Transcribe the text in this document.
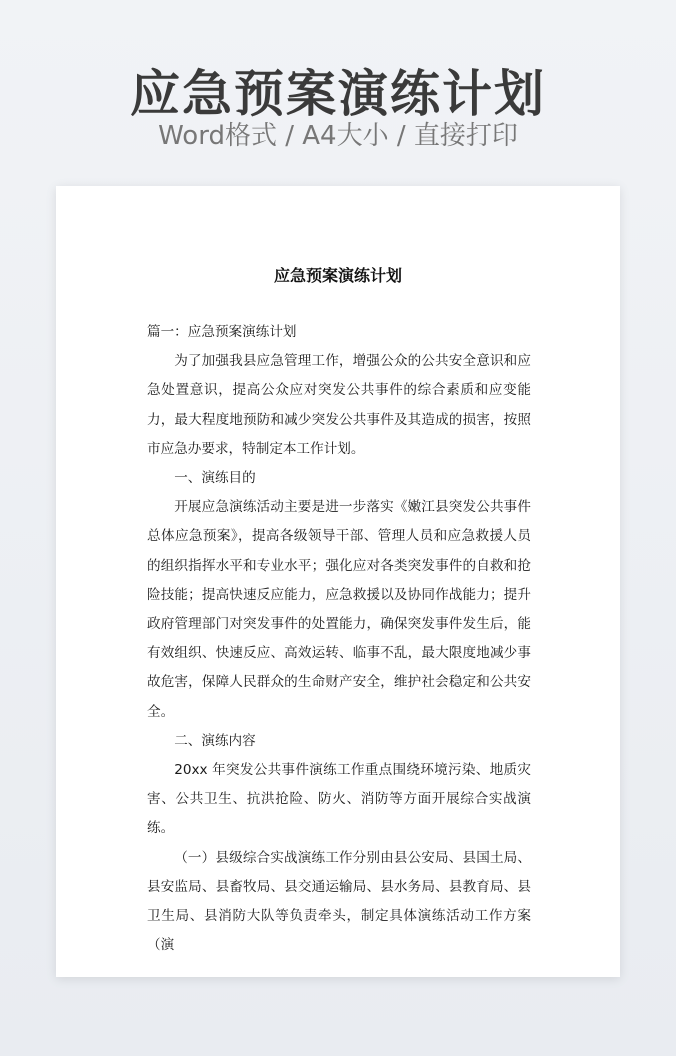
应急预案演练计划
Word格式 / A4大小 / 直接打印
应急预案演练计划

篇一：应急预案演练计划

为了加强我县应急管理工作，增强公众的公共安全意识和应急处置意识，提高公众应对突发公共事件的综合素质和应变能力，最大程度地预防和减少突发公共事件及其造成的损害，按照市应急办要求，特制定本工作计划。

一、演练目的

开展应急演练活动主要是进一步落实《嫩江县突发公共事件总体应急预案》，提高各级领导干部、管理人员和应急救援人员的组织指挥水平和专业水平；强化应对各类突发事件的自救和抢险技能；提高快速反应能力，应急救援以及协同作战能力；提升政府管理部门对突发事件的处置能力，确保突发事件发生后，能有效组织、快速反应、高效运转、临事不乱，最大限度地减少事故危害，保障人民群众的生命财产安全，维护社会稳定和公共安全。

二、演练内容

20xx 年突发公共事件演练工作重点围绕环境污染、地质灾害、公共卫生、抗洪抢险、防火、消防等方面开展综合实战演练。

（一）县级综合实战演练工作分别由县公安局、县国土局、县安监局、县畜牧局、县交通运输局、县水务局、县教育局、县卫生局、县消防大队等负责牵头，制定具体演练活动工作方案（演
